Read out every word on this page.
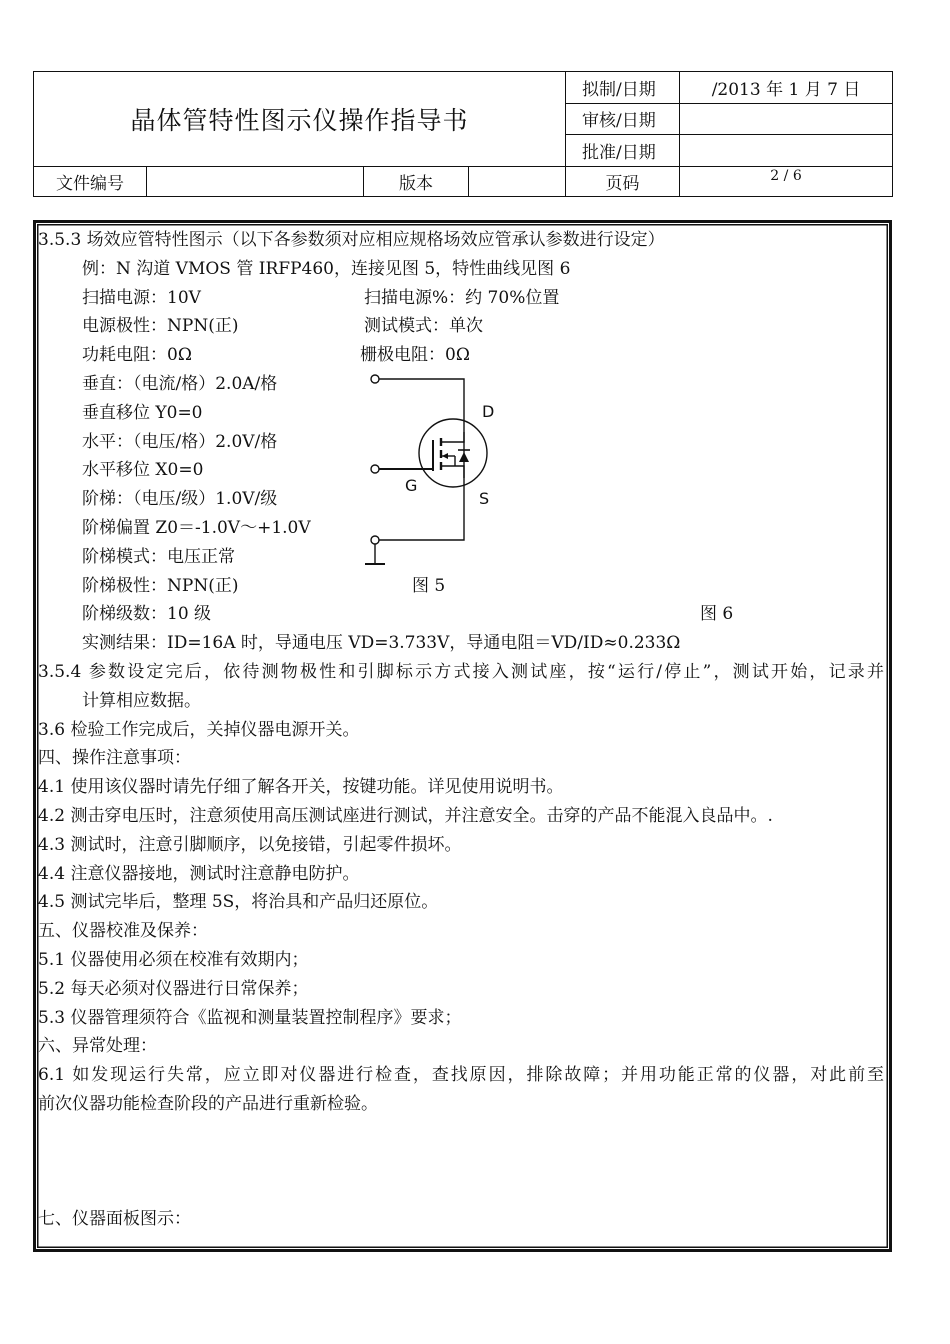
晶体管特性图示仪操作指导书				拟制/日期	/2013 年 1 月 7 日
				审核/日期	
				批准/日期	
文件编号		版本		页码	2 / 6
3.5.3 场效应管特性图示（以下各参数须对应相应规格场效应管承认参数进行设定）
例：N 沟道 VMOS 管 IRFP460，连接见图 5，特性曲线见图 6
扫描电源：10V	扫描电源%：约 70%位置
电源极性：NPN(正)	测试模式：单次
功耗电阻：0Ω	栅极电阻：0Ω
垂直：（电流/格）2.0A/格
垂直移位 Y0=0
水平：（电压/格）2.0V/格
水平移位 X0=0
阶梯：（电压/级）1.0V/级
阶梯偏置 Z0＝-1.0V～+1.0V
阶梯模式：电压正常
阶梯极性：NPN(正)	图 5
阶梯级数：10 级	图 6
实测结果：ID=16A 时，导通电压 VD=3.733V，导通电阻＝VD/ID≈0.233Ω
3.5.4 参数设定完后，依待测物极性和引脚标示方式接入测试座，按“运行/停止”，测试开始，记录并
计算相应数据。
3.6 检验工作完成后，关掉仪器电源开关。
四、操作注意事项：
4.1 使用该仪器时请先仔细了解各开关，按键功能。详见使用说明书。
4.2 测击穿电压时，注意须使用高压测试座进行测试，并注意安全。击穿的产品不能混入良品中。.
4.3 测试时，注意引脚顺序，以免接错，引起零件损坏。
4.4 注意仪器接地，测试时注意静电防护。
4.5 测试完毕后，整理 5S，将治具和产品归还原位。
五、仪器校准及保养：
5.1 仪器使用必须在校准有效期内；
5.2 每天必须对仪器进行日常保养；
5.3 仪器管理须符合《监视和测量装置控制程序》要求；
六、异常处理：
6.1 如发现运行失常，应立即对仪器进行检查，查找原因，排除故障；并用功能正常的仪器，对此前至
前次仪器功能检查阶段的产品进行重新检验。
七、仪器面板图示：
D
G
S
